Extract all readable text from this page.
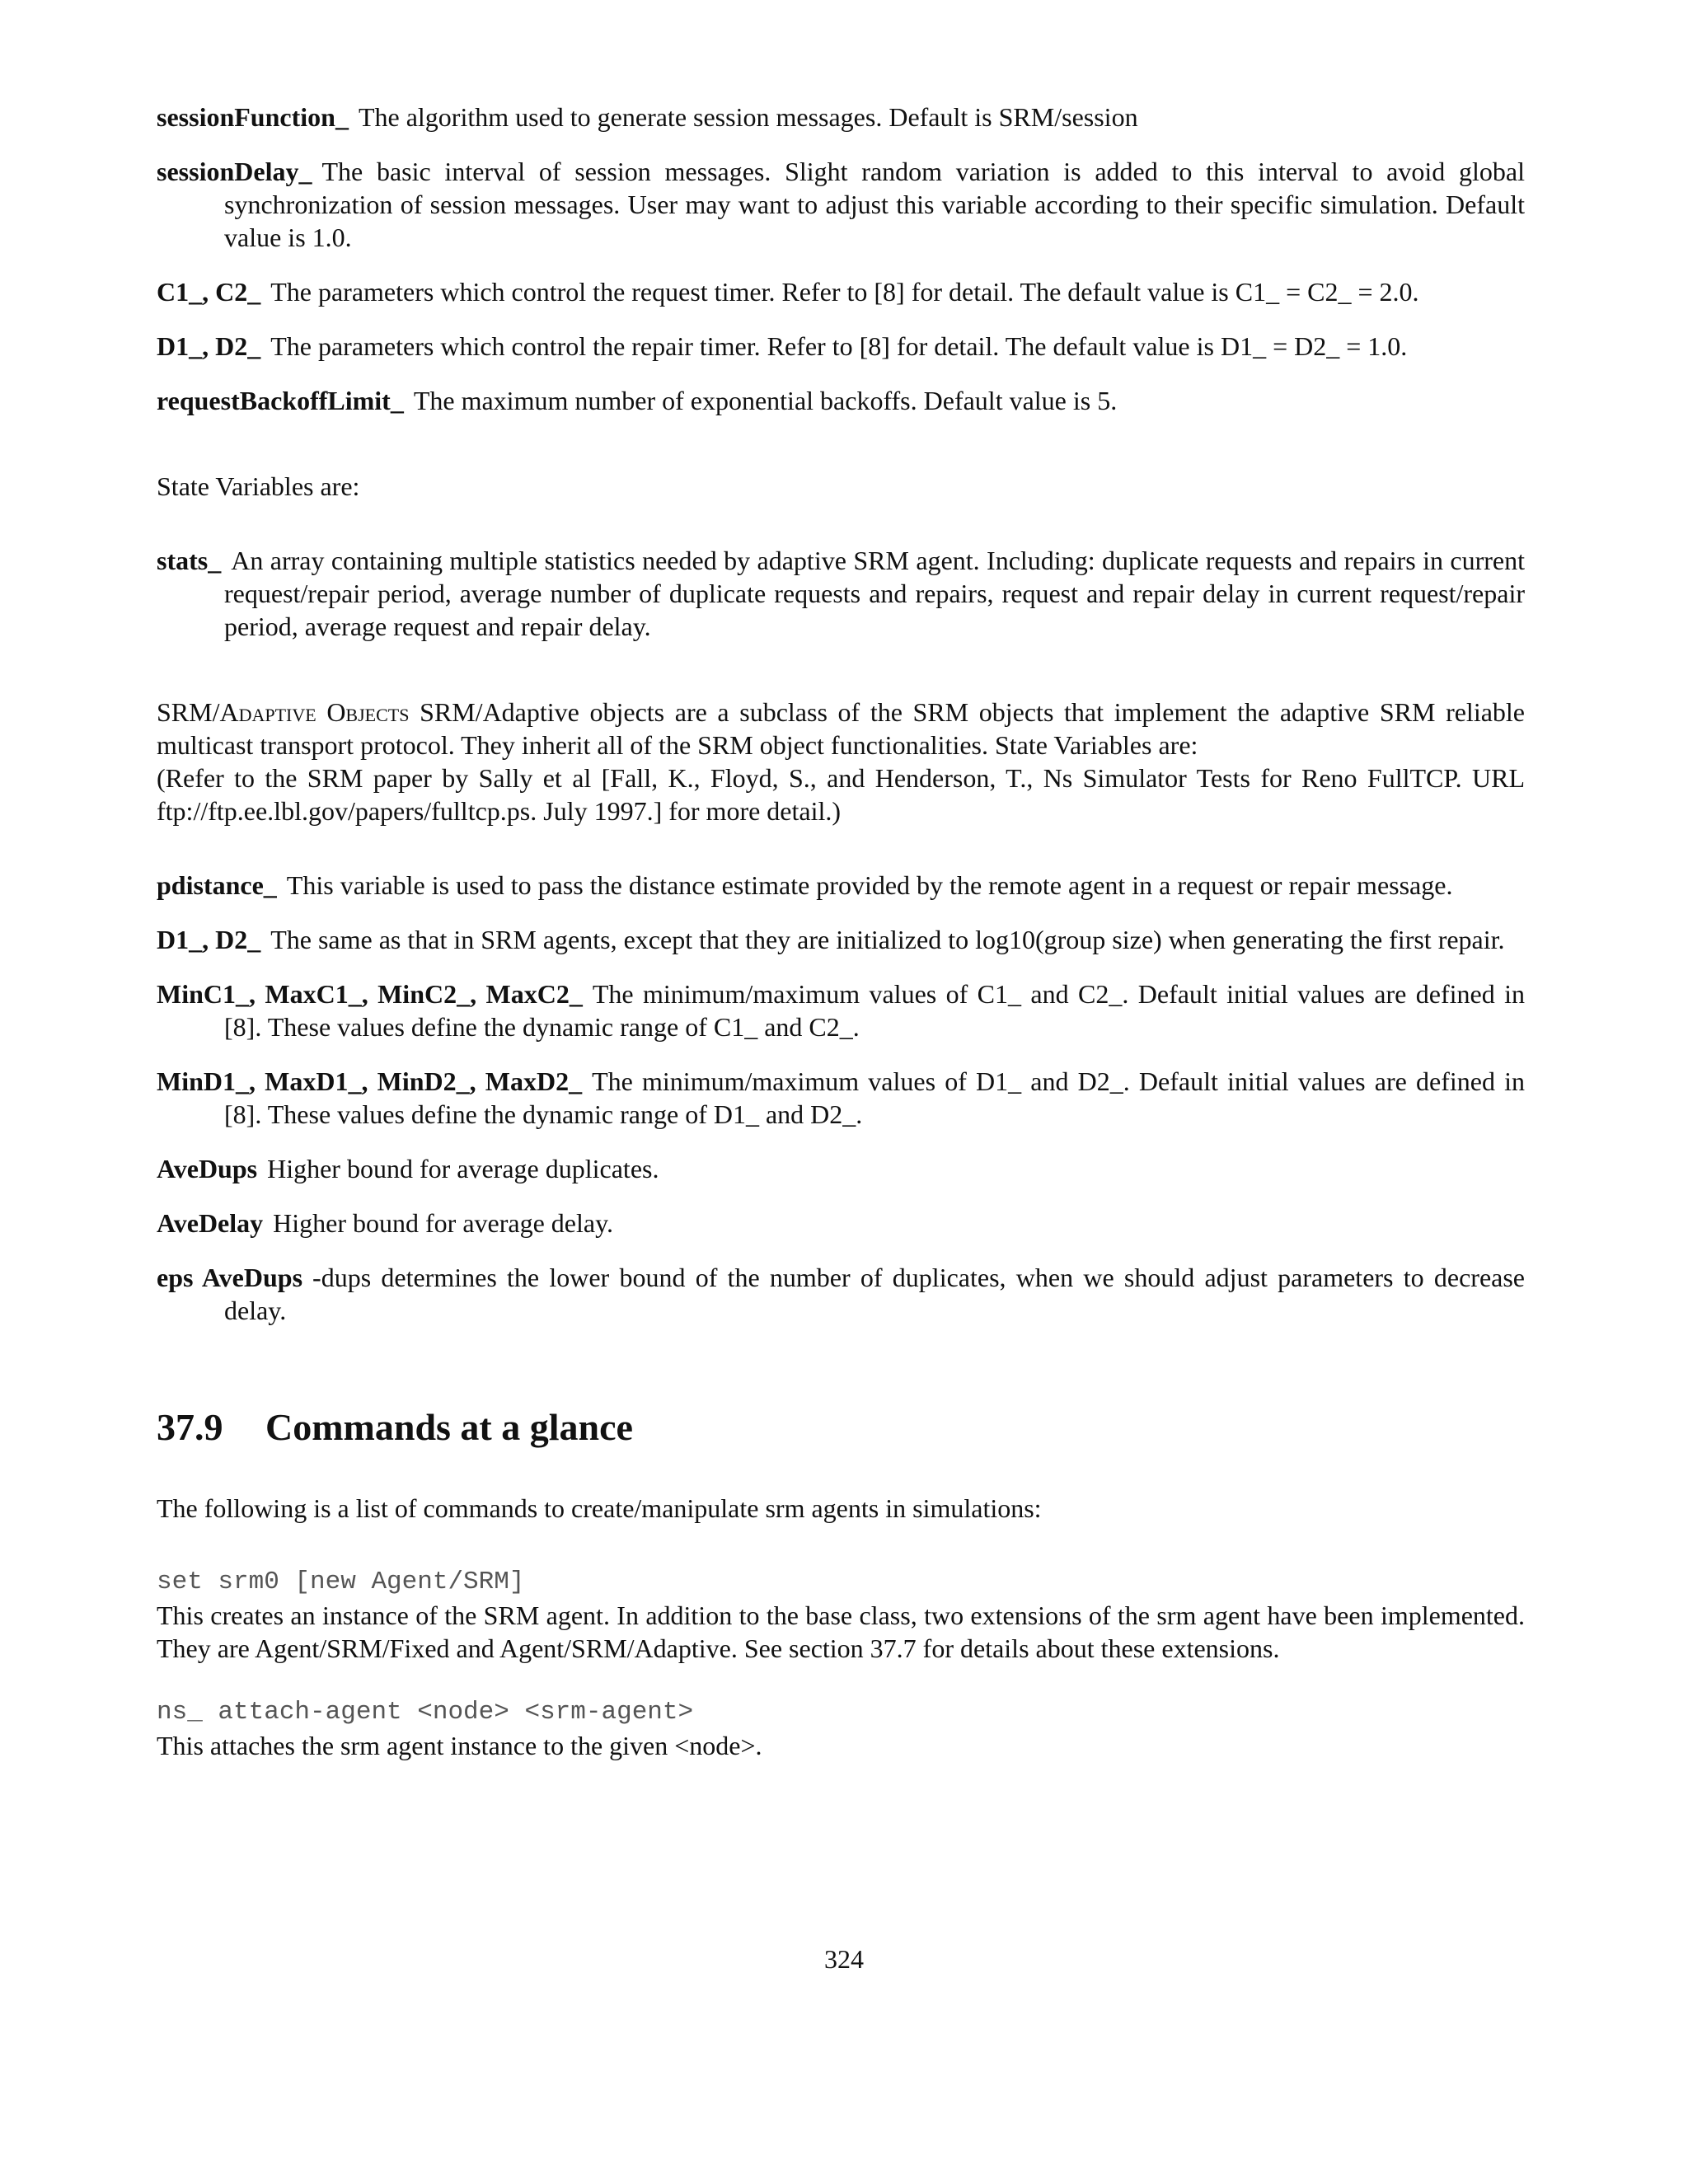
sessionFunction_ The algorithm used to generate session messages. Default is SRM/session
sessionDelay_ The basic interval of session messages. Slight random variation is added to this interval to avoid global synchronization of session messages. User may want to adjust this variable according to their specific simulation. Default value is 1.0.
C1_, C2_ The parameters which control the request timer. Refer to [8] for detail. The default value is C1_ = C2_ = 2.0.
D1_, D2_ The parameters which control the repair timer. Refer to [8] for detail. The default value is D1_ = D2_ = 1.0.
requestBackoffLimit_ The maximum number of exponential backoffs. Default value is 5.

State Variables are:

stats_ An array containing multiple statistics needed by adaptive SRM agent. Including: duplicate requests and repairs in current request/repair period, average number of duplicate requests and repairs, request and repair delay in current request/repair period, average request and repair delay.

SRM/Adaptive Objects SRM/Adaptive objects are a subclass of the SRM objects that implement the adaptive SRM reliable multicast transport protocol. They inherit all of the SRM object functionalities. State Variables are:

(Refer to the SRM paper by Sally et al [Fall, K., Floyd, S., and Henderson, T., Ns Simulator Tests for Reno FullTCP. URL ftp://ftp.ee.lbl.gov/papers/fulltcp.ps. July 1997.] for more detail.)

pdistance_ This variable is used to pass the distance estimate provided by the remote agent in a request or repair message.
D1_, D2_ The same as that in SRM agents, except that they are initialized to log10(group size) when generating the first repair.
MinC1_, MaxC1_, MinC2_, MaxC2_ The minimum/maximum values of C1_ and C2_. Default initial values are defined in [8]. These values define the dynamic range of C1_ and C2_.
MinD1_, MaxD1_, MinD2_, MaxD2_ The minimum/maximum values of D1_ and D2_. Default initial values are defined in [8]. These values define the dynamic range of D1_ and D2_.
AveDups Higher bound for average duplicates.
AveDelay Higher bound for average delay.
eps AveDups -dups determines the lower bound of the number of duplicates, when we should adjust parameters to decrease delay.
37.9 Commands at a glance

The following is a list of commands to create/manipulate srm agents in simulations:

set srm0 [new Agent/SRM]

This creates an instance of the SRM agent. In addition to the base class, two extensions of the srm agent have been implemented. They are Agent/SRM/Fixed and Agent/SRM/Adaptive. See section 37.7 for details about these extensions.

ns_ attach-agent <node> <srm-agent>

This attaches the srm agent instance to the given <node>.

324
